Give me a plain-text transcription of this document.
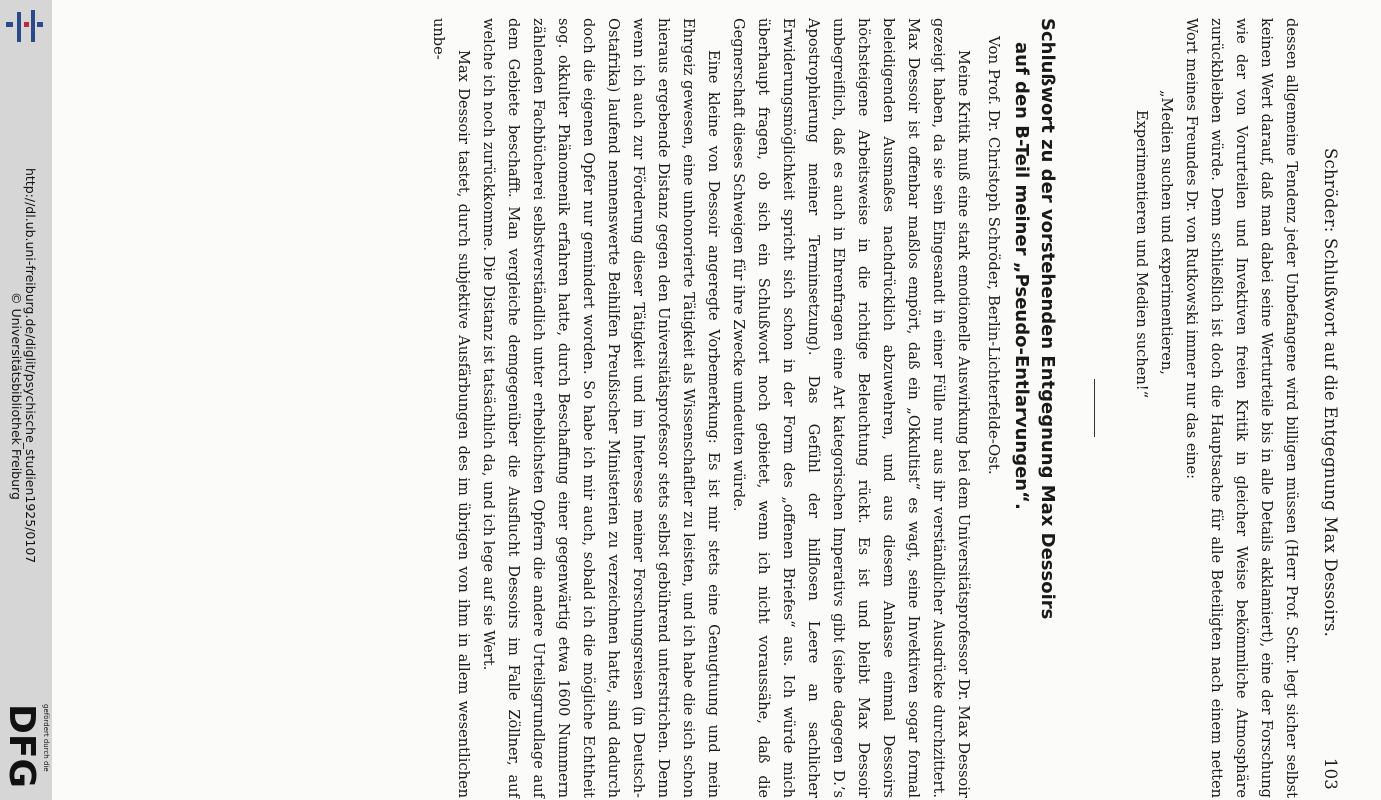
http://dl.ub.uni-freiburg.de/diglit/psychische_studien1925/0107
© Universitätsbibliothek Freiburg
gefördert durch die
DFG
Schröder: Schlußwort auf die Entgegnung Max Dessoirs.
103

dessen allgemeine Tendenz jeder Unbefangene wird billigen müssen (Herr Prof. Schr. legt sicher selbst keinen Wert darauf, daß man dabei seine Werturteile bis in alle Details akklamiert), eine der Forschung wie der von Vorurteilen und Invektiven freien Kritik in gleicher Weise bekömmliche Atmosphäre zurückbleiben würde. Denn schließlich ist doch die Hauptsache für alle Beteiligten nach einem netten Wort meines Freundes Dr. von Rutkowski immer nur das eine:

„Medien suchen und experimentieren,

Experimentieren und Medien suchen!“

Schlußwort zu der vorstehenden Entgegnung Max Dessoirs
auf den B-Teil meiner „Pseudo-Entlarvungen“.

Von Prof. Dr. Christoph Schröder, Berlin-Lichterfelde-Ost.

Meine Kritik muß eine stark emotionelle Auswirkung bei dem Universitätsprofessor Dr. Max Dessoir gezeigt haben, da sie sein Eingesandt in einer Fülle nur aus ihr verständlicher Ausdrücke durchzittert. Max Dessoir ist offenbar maßlos empört, daß ein „Okkultist“ es wagt, seine Invektiven sogar formal beleidigenden Ausmaßes nachdrücklich abzuwehren, und aus diesem Anlasse einmal Dessoirs höchsteigene Arbeitsweise in die richtige Beleuchtung rückt. Es ist und bleibt Max Dessoir unbegreiflich, daß es auch in Ehrenfragen eine Art kategorischen Imperativs gibt (siehe dagegen D.’s Apostrophierung meiner Terminsetzung). Das Gefühl der hilflosen Leere an sachlicher Erwiderungsmöglichkeit spricht sich schon in der Form des „offenen Briefes“ aus. Ich würde mich überhaupt fragen, ob sich ein Schlußwort noch gebietet, wenn ich nicht voraussähe, daß die Gegnerschaft dieses Schweigen für ihre Zwecke umdeuten würde.

Eine kleine von Dessoir angeregte Vorbemerkung: Es ist mir stets eine Genugtuung und mein Ehrgeiz gewesen, eine unhonorierte Tätigkeit als Wissenschaftler zu leisten, und ich habe die sich schon hieraus ergebende Distanz gegen den Universitätsprofessor stets selbst gebührend unterstrichen. Denn wenn ich auch zur Förderung dieser Tätigkeit und im Interesse meiner Forschungsreisen (in Deutsch-Ostafrika) laufend nennenswerte Beihilfen Preußischer Ministerien zu verzeichnen hatte, sind dadurch doch die eigenen Opfer nur gemindert worden. So habe ich mir auch, sobald ich die mögliche Echtheit sog. okkulter Phänomenik erfahren hatte, durch Beschaffung einer gegenwärtig etwa 1600 Nummern zählenden Fachbücherei selbstverständlich unter erheblichsten Opfern die andere Urteilsgrundlage auf dem Gebiete beschafft. Man vergleiche demgegenüber die Ausflucht Dessoirs im Falle Zöllner, auf welche ich noch zurückkomme. Die Distanz ist tatsächlich da, und ich lege auf sie Wert.

Max Dessoir tastet, durch subjektive Ausfärbungen des im übrigen von ihm in allem wesentlichen unbe-
